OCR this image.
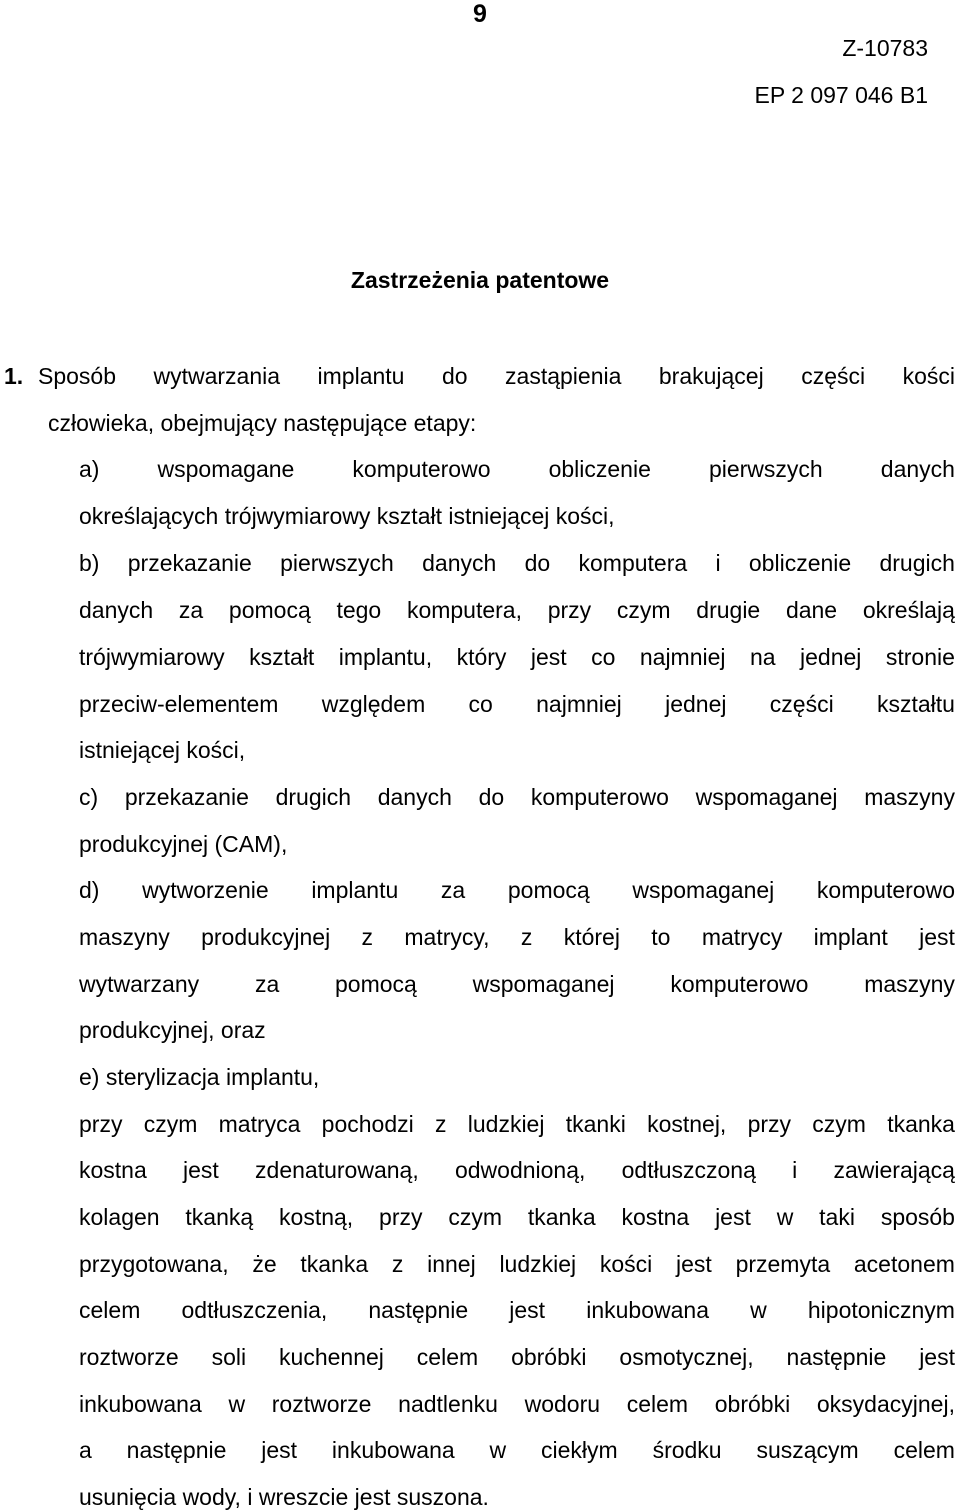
9
Z-10783
EP 2 097 046 B1
Zastrzeżenia patentowe
1. Sposób wytwarzania implantu do zastąpienia brakującej części kości
człowieka, obejmujący następujące etapy:
a)	wspomagane	komputerowo	obliczenie	pierwszych	danych
określających trójwymiarowy kształt istniejącej kości,
b) przekazanie pierwszych danych do komputera i obliczenie drugich
danych za pomocą tego komputera, przy czym drugie dane określają
trójwymiarowy kształt implantu, który jest co najmniej na jednej stronie
przeciw-elementem względem co najmniej jednej części kształtu
istniejącej kości,
c) przekazanie drugich danych do komputerowo wspomaganej maszyny
produkcyjnej (CAM),
d) wytworzenie implantu za pomocą wspomaganej komputerowo
maszyny produkcyjnej z matrycy, z której to matrycy implant jest
wytwarzany za pomocą wspomaganej komputerowo maszyny
produkcyjnej, oraz
e) sterylizacja implantu,
przy czym matryca pochodzi z ludzkiej tkanki kostnej, przy czym tkanka
kostna jest zdenaturowaną, odwodnioną, odtłuszczoną i zawierającą
kolagen tkanką kostną, przy czym tkanka kostna jest w taki sposób
przygotowana, że tkanka z innej ludzkiej kości jest przemyta acetonem
celem odtłuszczenia, następnie jest inkubowana w hipotonicznym
roztworze soli kuchennej celem obróbki osmotycznej, następnie jest
inkubowana w roztworze nadtlenku wodoru celem obróbki oksydacyjnej,
a następnie jest inkubowana w ciekłym środku suszącym celem
usunięcia wody, i wreszcie jest suszona.
